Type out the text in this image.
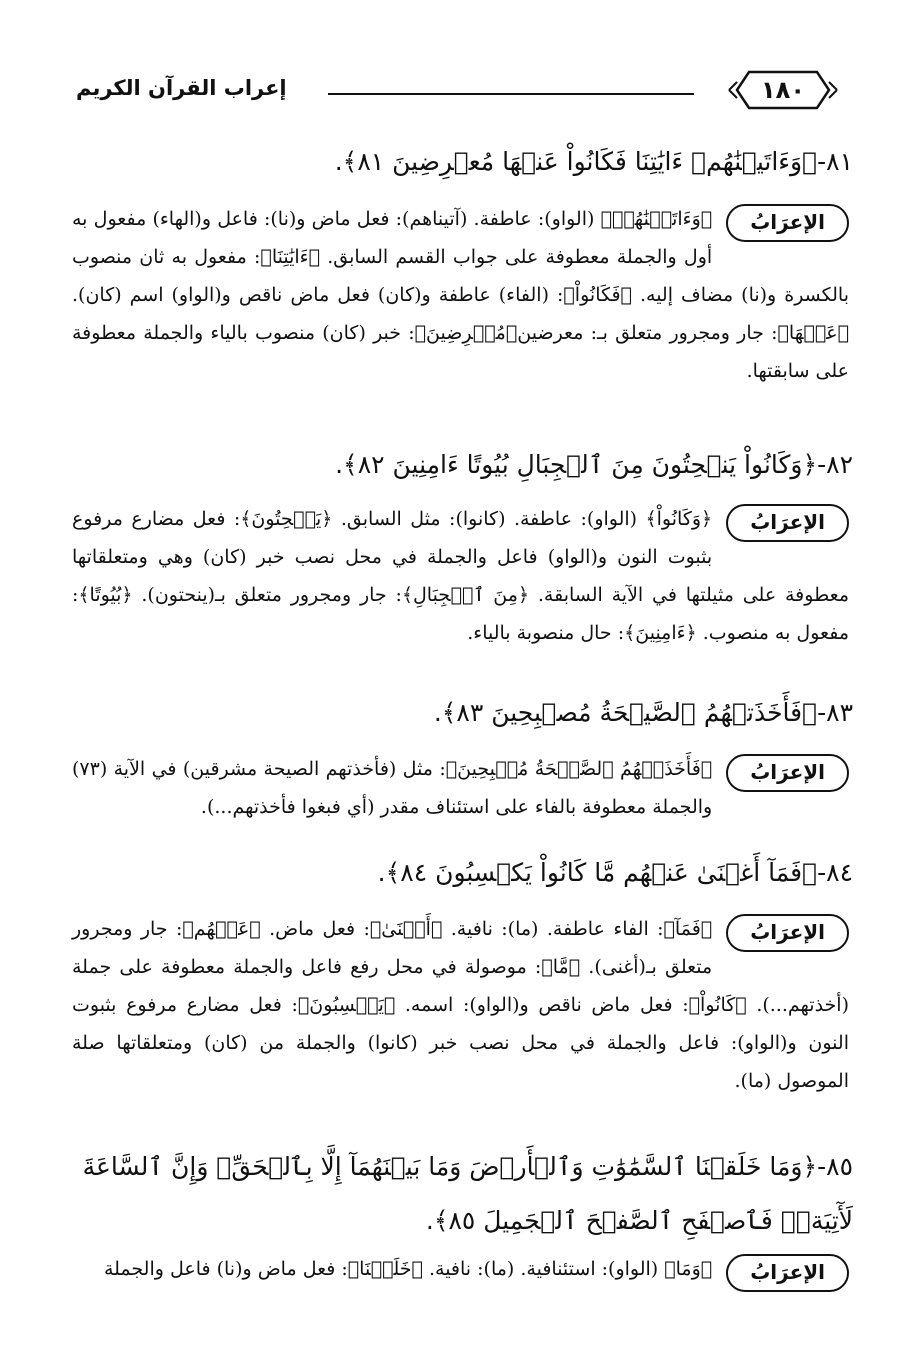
١٨٠
إعراب القرآن الكريم
٨١-﴿وَءَاتَيۡنَٰهُمۡ ءَايَٰتِنَا فَكَانُواْ عَنۡهَا مُعۡرِضِينَ ٨١﴾.
الإعرَابُ
﴿وَءَاتَيۡنَٰهُمۡ﴾ (الواو): عاطفة. (آتيناهم): فعل ماض و(نا): فاعل و(الهاء) مفعول به أول والجملة معطوفة على جواب القسم السابق. ﴿ءَايَٰتِنَا﴾: مفعول به ثان منصوب بالكسرة و(نا) مضاف إليه. ﴿فَكَانُواْ﴾: (الفاء) عاطفة و(كان) فعل ماض ناقص و(الواو) اسم (كان). ﴿عَنۡهَا﴾: جار ومجرور متعلق بـ: معرضين﴿مُعۡرِضِينَ﴾: خبر (كان) منصوب بالياء والجملة معطوفة على سابقتها.
٨٢-﴿وَكَانُواْ يَنۡحِتُونَ مِنَ ٱلۡجِبَالِ بُيُوتًا ءَامِنِينَ ٨٢﴾.
الإعرَابُ
﴿وَكَانُواْ﴾ (الواو): عاطفة. (كانوا): مثل السابق. ﴿يَنۡحِتُونَ﴾: فعل مضارع مرفوع بثبوت النون و(الواو) فاعل والجملة في محل نصب خبر (كان) وهي ومتعلقاتها معطوفة على مثيلتها في الآية السابقة. ﴿مِنَ ٱلۡجِبَالِ﴾: جار ومجرور متعلق بـ(ينحتون). ﴿بُيُوتًا﴾: مفعول به منصوب. ﴿ءَامِنِينَ﴾: حال منصوبة بالياء.
٨٣-﴿فَأَخَذَتۡهُمُ ٱلصَّيۡحَةُ مُصۡبِحِينَ ٨٣﴾.
الإعرَابُ
﴿فَأَخَذَتۡهُمُ ٱلصَّيۡحَةُ مُصۡبِحِينَ﴾: مثل (فأخذتهم الصيحة مشرقين) في الآية (٧٣) والجملة معطوفة بالفاء على استئناف مقدر (أي فبغوا فأخذتهم...).
٨٤-﴿فَمَآ أَغۡنَىٰ عَنۡهُم مَّا كَانُواْ يَكۡسِبُونَ ٨٤﴾.
الإعرَابُ
﴿فَمَآ﴾: الفاء عاطفة. (ما): نافية. ﴿أَغۡنَىٰ﴾: فعل ماض. ﴿عَنۡهُم﴾: جار ومجرور متعلق بـ(أغنى). ﴿مَّا﴾: موصولة في محل رفع فاعل والجملة معطوفة على جملة (أخذتهم...). ﴿كَانُواْ﴾: فعل ماض ناقص و(الواو): اسمه. ﴿يَكۡسِبُونَ﴾: فعل مضارع مرفوع بثبوت النون و(الواو): فاعل والجملة في محل نصب خبر (كانوا) والجملة من (كان) ومتعلقاتها صلة الموصول (ما).
٨٥-﴿وَمَا خَلَقۡنَا ٱلسَّمَٰوَٰتِ وَٱلۡأَرۡضَ وَمَا بَيۡنَهُمَآ إِلَّا بِٱلۡحَقِّۗ وَإِنَّ ٱلسَّاعَةَ لَأٓتِيَةٞۖ فَٱصۡفَحِ ٱلصَّفۡحَ ٱلۡجَمِيلَ ٨٥﴾.
الإعرَابُ
﴿وَمَا﴾ (الواو): استئنافية. (ما): نافية. ﴿خَلَقۡنَا﴾: فعل ماض و(نا) فاعل والجملة
